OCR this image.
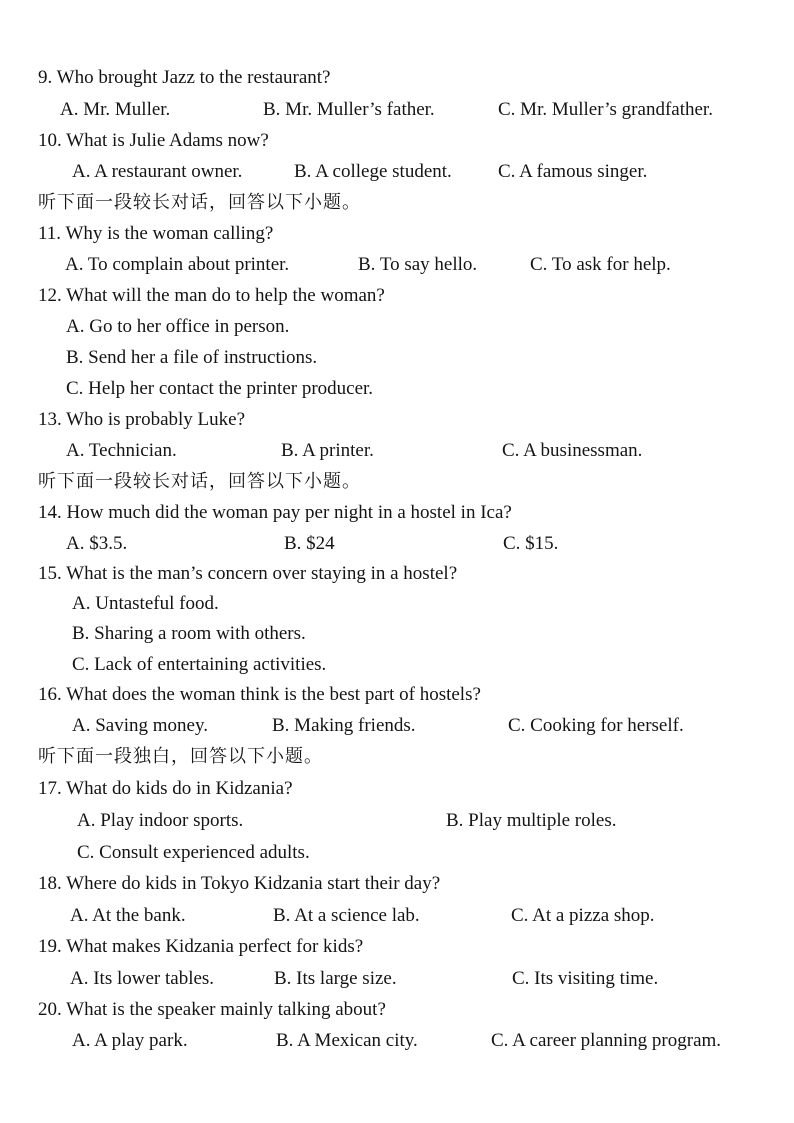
9. Who brought Jazz to the restaurant?
A. Mr. Muller.	B. Mr. Muller’s father.	C. Mr. Muller’s grandfather.
10. What is Julie Adams now?
A. A restaurant owner.	B. A college student. C. A famous singer.
听下面一段较长对话，回答以下小题。
11. Why is the woman calling?
A. To complain about printer.	B. To say hello.	C. To ask for help.
12. What will the man do to help the woman?
A. Go to her office in person.
B. Send her a file of instructions.
C. Help her contact the printer producer.
13. Who is probably Luke?
A. Technician.	B. A printer.	C. A businessman.
听下面一段较长对话，回答以下小题。
14. How much did the woman pay per night in a hostel in Ica?
A. $3.5.	B. $24	C. $15.
15. What is the man’s concern over staying in a hostel?
A. Untasteful food.
B. Sharing a room with others.
C. Lack of entertaining activities.
16. What does the woman think is the best part of hostels?
A. Saving money.	B. Making friends.	C. Cooking for herself.
听下面一段独白，回答以下小题。
17. What do kids do in Kidzania?
A. Play indoor sports.	B. Play multiple roles.
C. Consult experienced adults.
18. Where do kids in Tokyo Kidzania start their day?
A. At the bank.	B. At a science lab.	C. At a pizza shop.
19. What makes Kidzania perfect for kids?
A. Its lower tables.	B. Its large size.	C. Its visiting time.
20. What is the speaker mainly talking about?
A. A play park.	B. A Mexican city.	C. A career planning program.
